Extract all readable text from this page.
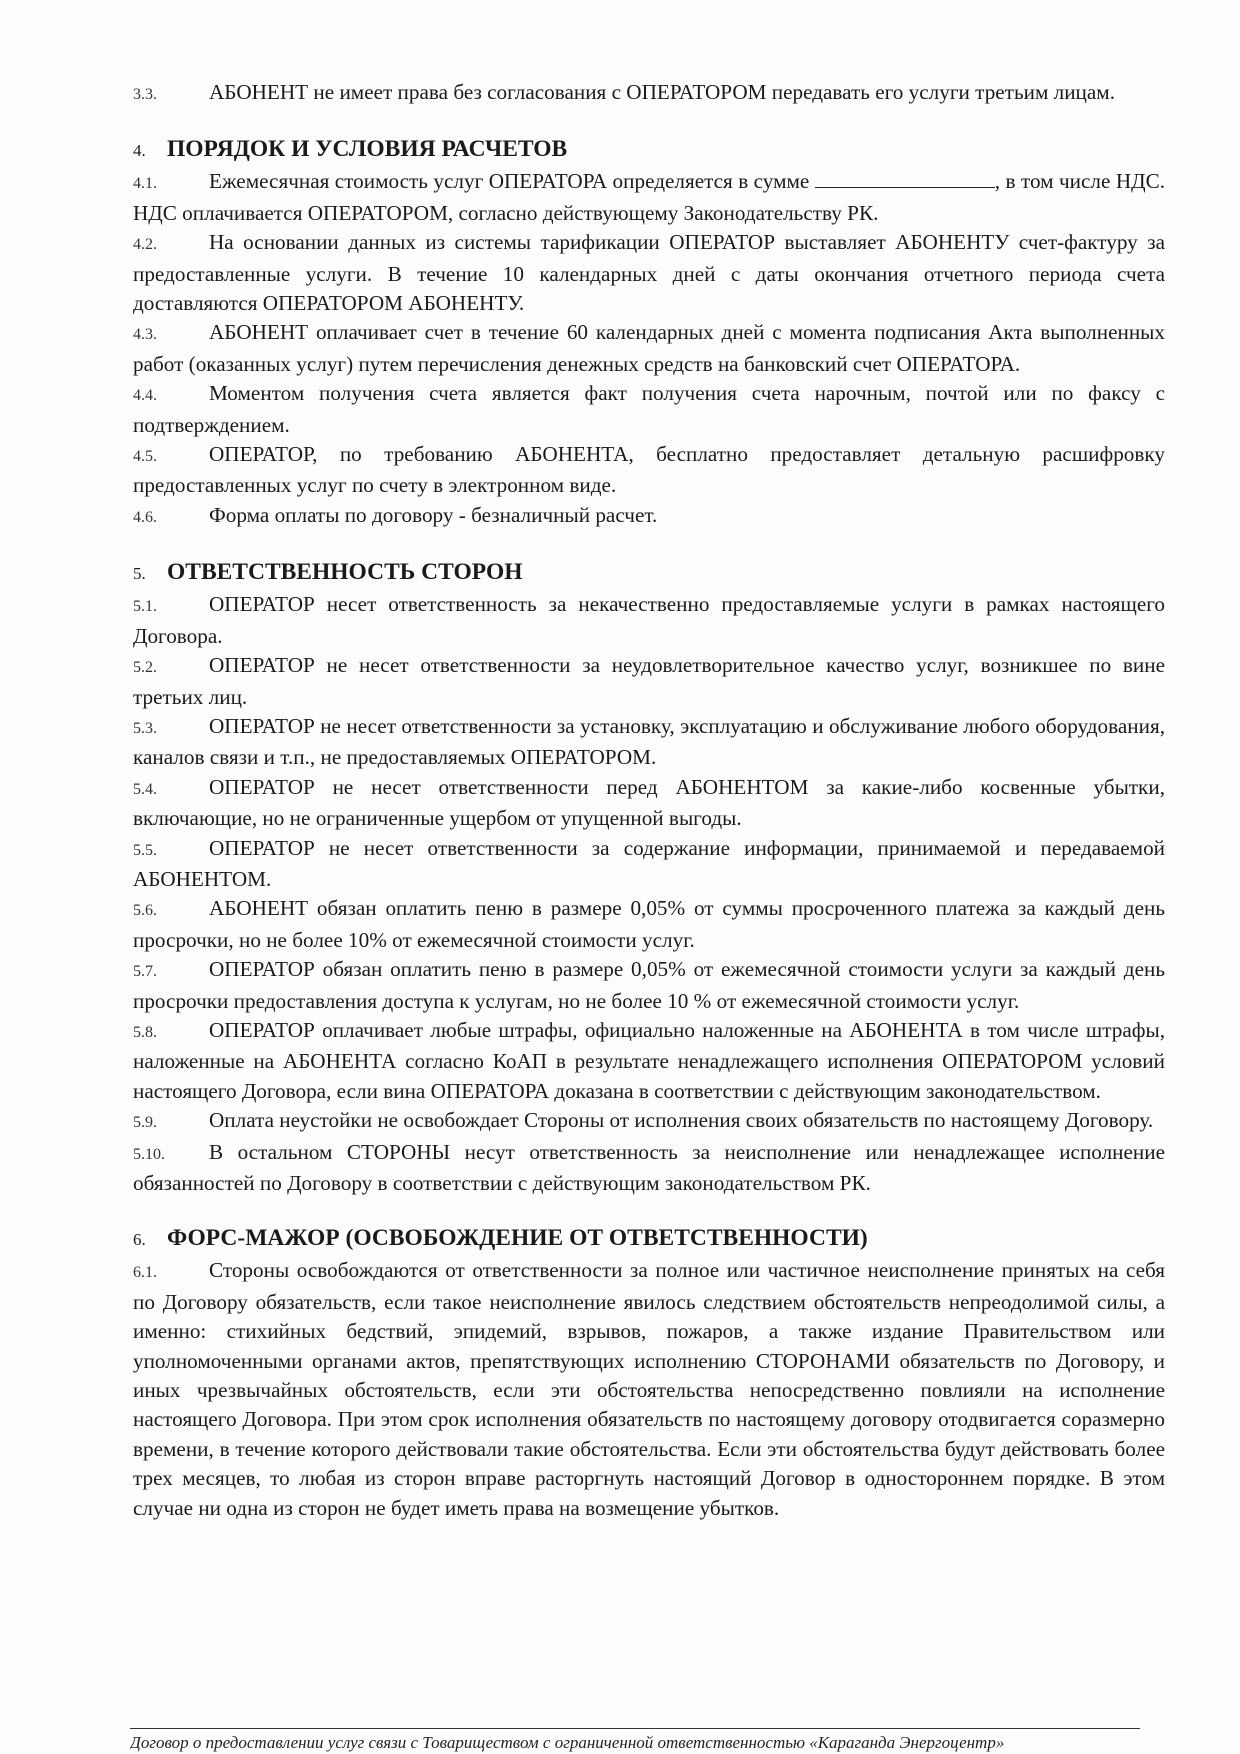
3.3. АБОНЕНТ не имеет права без согласования с ОПЕРАТОРОМ передавать его услуги третьим лицам.

4. ПОРЯДОК И УСЛОВИЯ РАСЧЕТОВ

4.1. Ежемесячная стоимость услуг ОПЕРАТОРА определяется в сумме	, в том числе НДС. НДС оплачивается ОПЕРАТОРОМ, согласно действующему Законодательству РК.

4.2. На основании данных из системы тарификации ОПЕРАТОР выставляет АБОНЕНТУ счет-фактуру за предоставленные услуги. В течение 10 календарных дней с даты окончания отчетного периода счета доставляются ОПЕРАТОРОМ АБОНЕНТУ.

4.3. АБОНЕНТ оплачивает счет в течение 60 календарных дней с момента подписания Акта выполненных работ (оказанных услуг) путем перечисления денежных средств на банковский счет ОПЕРАТОРА.

4.4. Моментом получения счета является факт получения счета нарочным, почтой или по факсу с подтверждением.

4.5. ОПЕРАТОР, по требованию АБОНЕНТА, бесплатно предоставляет детальную расшифровку предоставленных услуг по счету в электронном виде.

4.6. Форма оплаты по договору - безналичный расчет.

5. ОТВЕТСТВЕННОСТЬ СТОРОН

5.1. ОПЕРАТОР несет ответственность за некачественно предоставляемые услуги в рамках настоящего Договора.

5.2. ОПЕРАТОР не несет ответственности за неудовлетворительное качество услуг, возникшее по вине третьих лиц.

5.3. ОПЕРАТОР не несет ответственности за установку, эксплуатацию и обслуживание любого оборудования, каналов связи и т.п., не предоставляемых ОПЕРАТОРОМ.

5.4. ОПЕРАТОР не несет ответственности перед АБОНЕНТОМ за какие-либо косвенные убытки, включающие, но не ограниченные ущербом от упущенной выгоды.

5.5. ОПЕРАТОР не несет ответственности за содержание информации, принимаемой и передаваемой АБОНЕНТОМ.

5.6. АБОНЕНТ обязан оплатить пеню в размере 0,05% от суммы просроченного платежа за каждый день просрочки, но не более 10% от ежемесячной стоимости услуг.

5.7. ОПЕРАТОР обязан оплатить пеню в размере 0,05% от ежемесячной стоимости услуги за каждый день просрочки предоставления доступа к услугам, но не более 10 % от ежемесячной стоимости услуг.

5.8. ОПЕРАТОР оплачивает любые штрафы, официально наложенные на АБОНЕНТА в том числе штрафы, наложенные на АБОНЕНТА согласно КоАП в результате ненадлежащего исполнения ОПЕРАТОРОМ условий настоящего Договора, если вина ОПЕРАТОРА доказана в соответствии с действующим законодательством.

5.9. Оплата неустойки не освобождает Стороны от исполнения своих обязательств по настоящему Договору.

5.10. В остальном СТОРОНЫ несут ответственность за неисполнение или ненадлежащее исполнение обязанностей по Договору в соответствии с действующим законодательством РК.

6. ФОРС-МАЖОР (ОСВОБОЖДЕНИЕ ОТ ОТВЕТСТВЕННОСТИ)

6.1. Стороны освобождаются от ответственности за полное или частичное неисполнение принятых на себя по Договору обязательств, если такое неисполнение явилось следствием обстоятельств непреодолимой силы, а именно: стихийных бедствий, эпидемий, взрывов, пожаров, а также издание Правительством или уполномоченными органами актов, препятствующих исполнению СТОРОНАМИ обязательств по Договору, и иных чрезвычайных обстоятельств, если эти обстоятельства непосредственно повлияли на исполнение настоящего Договора. При этом срок исполнения обязательств по настоящему договору отодвигается соразмерно времени, в течение которого действовали такие обстоятельства. Если эти обстоятельства будут действовать более трех месяцев, то любая из сторон вправе расторгнуть настоящий Договор в одностороннем порядке. В этом случае ни одна из сторон не будет иметь права на возмещение убытков.

Договор о предоставлении услуг связи с Товариществом с ограниченной ответственностью «Караганда Энергоцентр»
